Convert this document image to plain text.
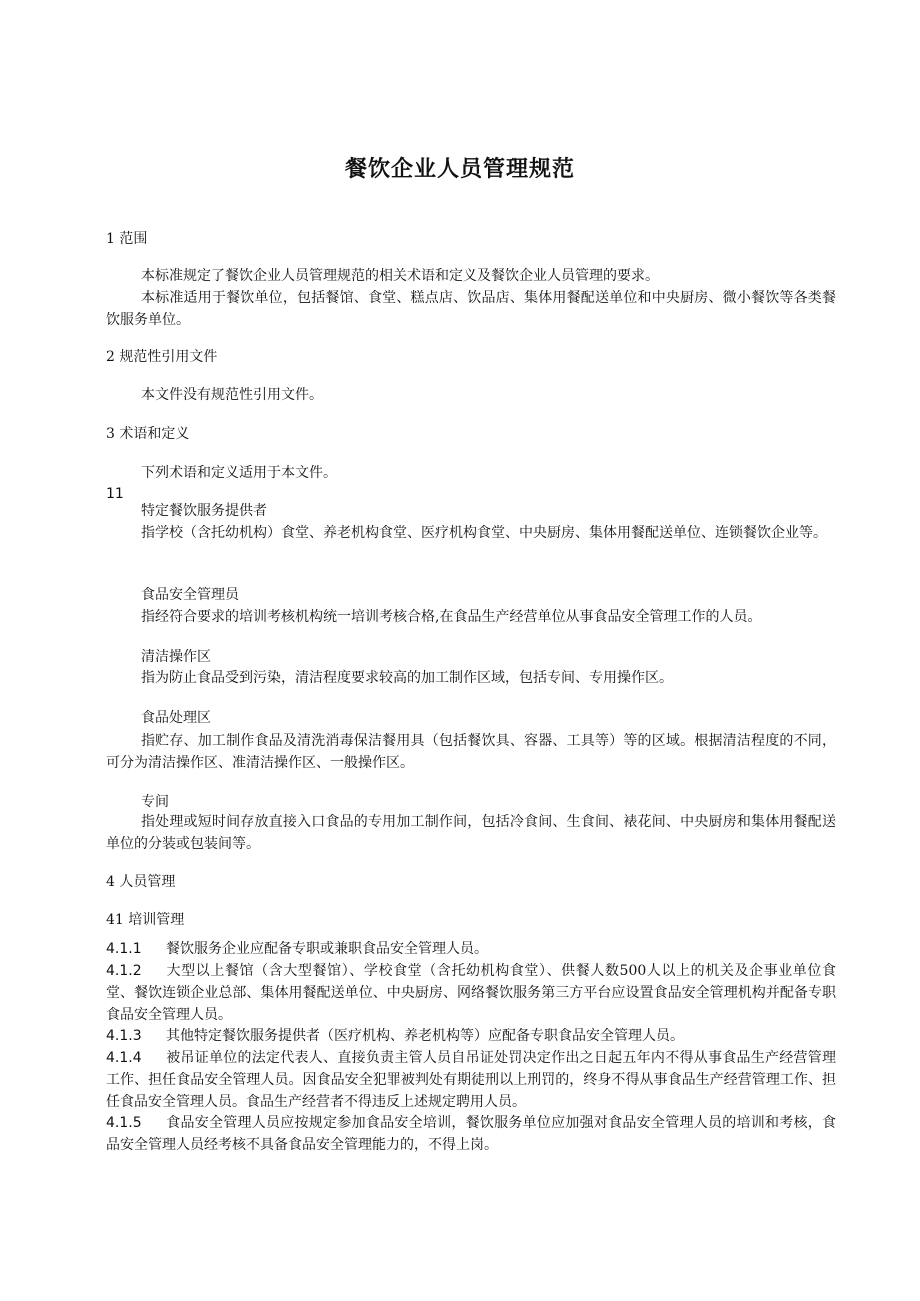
餐饮企业人员管理规范
1 范围
本标准规定了餐饮企业人员管理规范的相关术语和定义及餐饮企业人员管理的要求。
本标准适用于餐饮单位，包括餐馆、食堂、糕点店、饮品店、集体用餐配送单位和中央厨房、微小餐饮等各类餐饮服务单位。
2 规范性引用文件
本文件没有规范性引用文件。
3 术语和定义
下列术语和定义适用于本文件。
11
特定餐饮服务提供者
指学校（含托幼机构）食堂、养老机构食堂、医疗机构食堂、中央厨房、集体用餐配送单位、连锁餐饮企业等。
食品安全管理员
指经符合要求的培训考核机构统一培训考核合格,在食品生产经营单位从事食品安全管理工作的人员。
清洁操作区
指为防止食品受到污染，清洁程度要求较高的加工制作区域，包括专间、专用操作区。
食品处理区
指贮存、加工制作食品及清洗消毒保洁餐用具（包括餐饮具、容器、工具等）等的区域。根据清洁程度的不同，可分为清洁操作区、准清洁操作区、一般操作区。
专间
指处理或短时间存放直接入口食品的专用加工制作间，包括冷食间、生食间、裱花间、中央厨房和集体用餐配送单位的分装或包装间等。
4 人员管理
41 培训管理
4.1.1 餐饮服务企业应配备专职或兼职食品安全管理人员。
4.1.2 大型以上餐馆（含大型餐馆）、学校食堂（含托幼机构食堂）、供餐人数500人以上的机关及企事业单位食堂、餐饮连锁企业总部、集体用餐配送单位、中央厨房、网络餐饮服务第三方平台应设置食品安全管理机构并配备专职食品安全管理人员。
4.1.3 其他特定餐饮服务提供者（医疗机构、养老机构等）应配备专职食品安全管理人员。
4.1.4 被吊证单位的法定代表人、直接负责主管人员自吊证处罚决定作出之日起五年内不得从事食品生产经营管理工作、担任食品安全管理人员。因食品安全犯罪被判处有期徒刑以上刑罚的，终身不得从事食品生产经营管理工作、担任食品安全管理人员。食品生产经营者不得违反上述规定聘用人员。
4.1.5 食品安全管理人员应按规定参加食品安全培训，餐饮服务单位应加强对食品安全管理人员的培训和考核，食品安全管理人员经考核不具备食品安全管理能力的，不得上岗。
